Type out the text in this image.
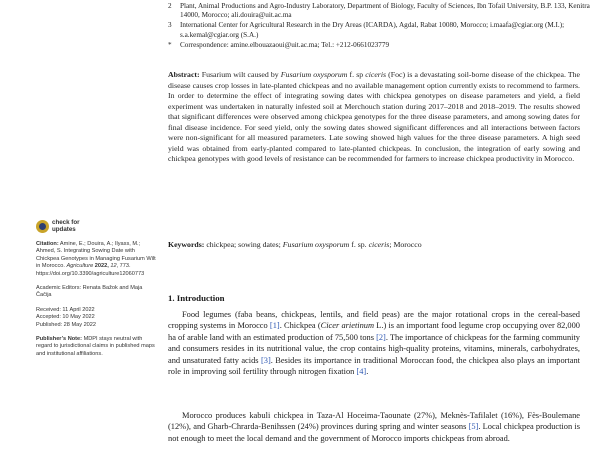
2 Plant, Animal Productions and Agro-Industry Laboratory, Department of Biology, Faculty of Sciences, Ibn Tofail University, B.P. 133, Kenitra 14000, Morocco; ali.douira@uit.ac.ma
3 International Center for Agricultural Research in the Dry Areas (ICARDA), Agdal, Rabat 10080, Morocco; i.maafa@cgiar.org (M.I.); s.a.kemal@cgiar.org (S.A.)
* Correspondence: amine.elbouazaoui@uit.ac.ma; Tel.: +212-0661023779
Abstract: Fusarium wilt caused by Fusarium oxysporum f. sp ciceris (Foc) is a devastating soil-borne disease of the chickpea. The disease causes crop losses in late-planted chickpeas and no available management option currently exists to recommend to farmers. In order to determine the effect of integrating sowing dates with chickpea genotypes on disease parameters and yield, a field experiment was undertaken in naturally infested soil at Merchouch station during 2017–2018 and 2018–2019. The results showed that significant differences were observed among chickpea genotypes for the three disease parameters, and among sowing dates for final disease incidence. For seed yield, only the sowing dates showed significant differences and all interactions between factors were non-significant for all measured parameters. Late sowing showed high values for the three disease parameters. A high seed yield was obtained from early-planted compared to late-planted chickpeas. In conclusion, the integration of early sowing and chickpea genotypes with good levels of resistance can be recommended for farmers to increase chickpea productivity in Morocco.
Keywords: chickpea; sowing dates; Fusarium oxysporum f. sp. ciceris; Morocco
check for
updates
Citation: Amine, E.; Douira, A.; Ilyass, M.; Ahmed, S. Integrating Sowing Date with Chickpea Genotypes in Managing Fusarium Wilt in Morocco. Agriculture 2022, 12, 773. https://doi.org/10.3390/agriculture12060773
Academic Editors: Renata Bažok and Maja Čačija
Received: 11 April 2022
Accepted: 10 May 2022
Published: 28 May 2022
Publisher’s Note: MDPI stays neutral with regard to jurisdictional claims in published maps and institutional affiliations.
1. Introduction
Food legumes (faba beans, chickpeas, lentils, and field peas) are the major rotational crops in the cereal-based cropping systems in Morocco [1]. Chickpea (Cicer arietinum L.) is an important food legume crop occupying over 82,000 ha of arable land with an estimated production of 75,500 tons [2]. The importance of chickpeas for the farming community and consumers resides in its nutritional value, the crop contains high-quality proteins, vitamins, minerals, carbohydrates, and unsaturated fatty acids [3]. Besides its importance in traditional Moroccan food, the chickpea also plays an important role in improving soil fertility through nitrogen fixation [4].
Morocco produces kabuli chickpea in Taza-Al Hoceima-Taounate (27%), Meknès-Tafilalet (16%), Fès-Boulemane (12%), and Gharb-Chrarda-Benihssen (24%) provinces during spring and winter seasons [5]. Local chickpea production is not enough to meet the local demand and the government of Morocco imports chickpeas from abroad.
